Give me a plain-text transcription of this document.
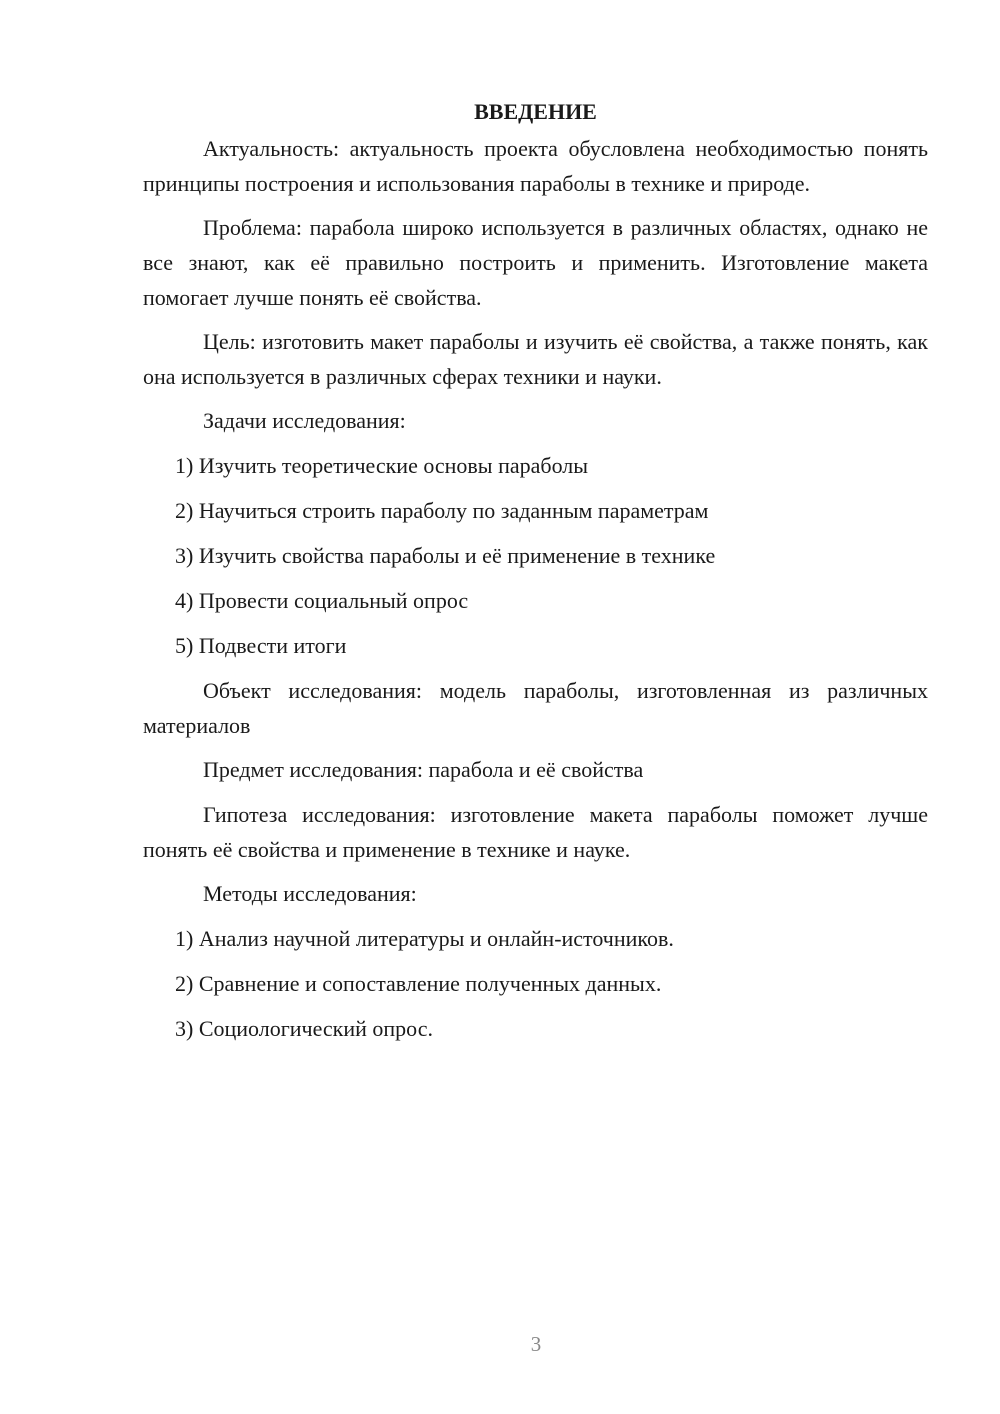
ВВЕДЕНИЕ

Актуальность: актуальность проекта обусловлена необходимостью понять принципы построения и использования параболы в технике и природе.

Проблема: парабола широко используется в различных областях, однако не все знают, как её правильно построить и применить. Изготовление макета помогает лучше понять её свойства.

Цель: изготовить макет параболы и изучить её свойства, а также понять, как она используется в различных сферах техники и науки.

Задачи исследования:

1) Изучить теоретические основы параболы
2) Научиться строить параболу по заданным параметрам
3) Изучить свойства параболы и её применение в технике
4) Провести социальный опрос
5) Подвести итоги

Объект исследования: модель параболы, изготовленная из различных материалов

Предмет исследования: парабола и её свойства

Гипотеза исследования: изготовление макета параболы поможет лучше понять её свойства и применение в технике и науке.

Методы исследования:

1) Анализ научной литературы и онлайн-источников.
2) Сравнение и сопоставление полученных данных.
3) Социологический опрос.
3
